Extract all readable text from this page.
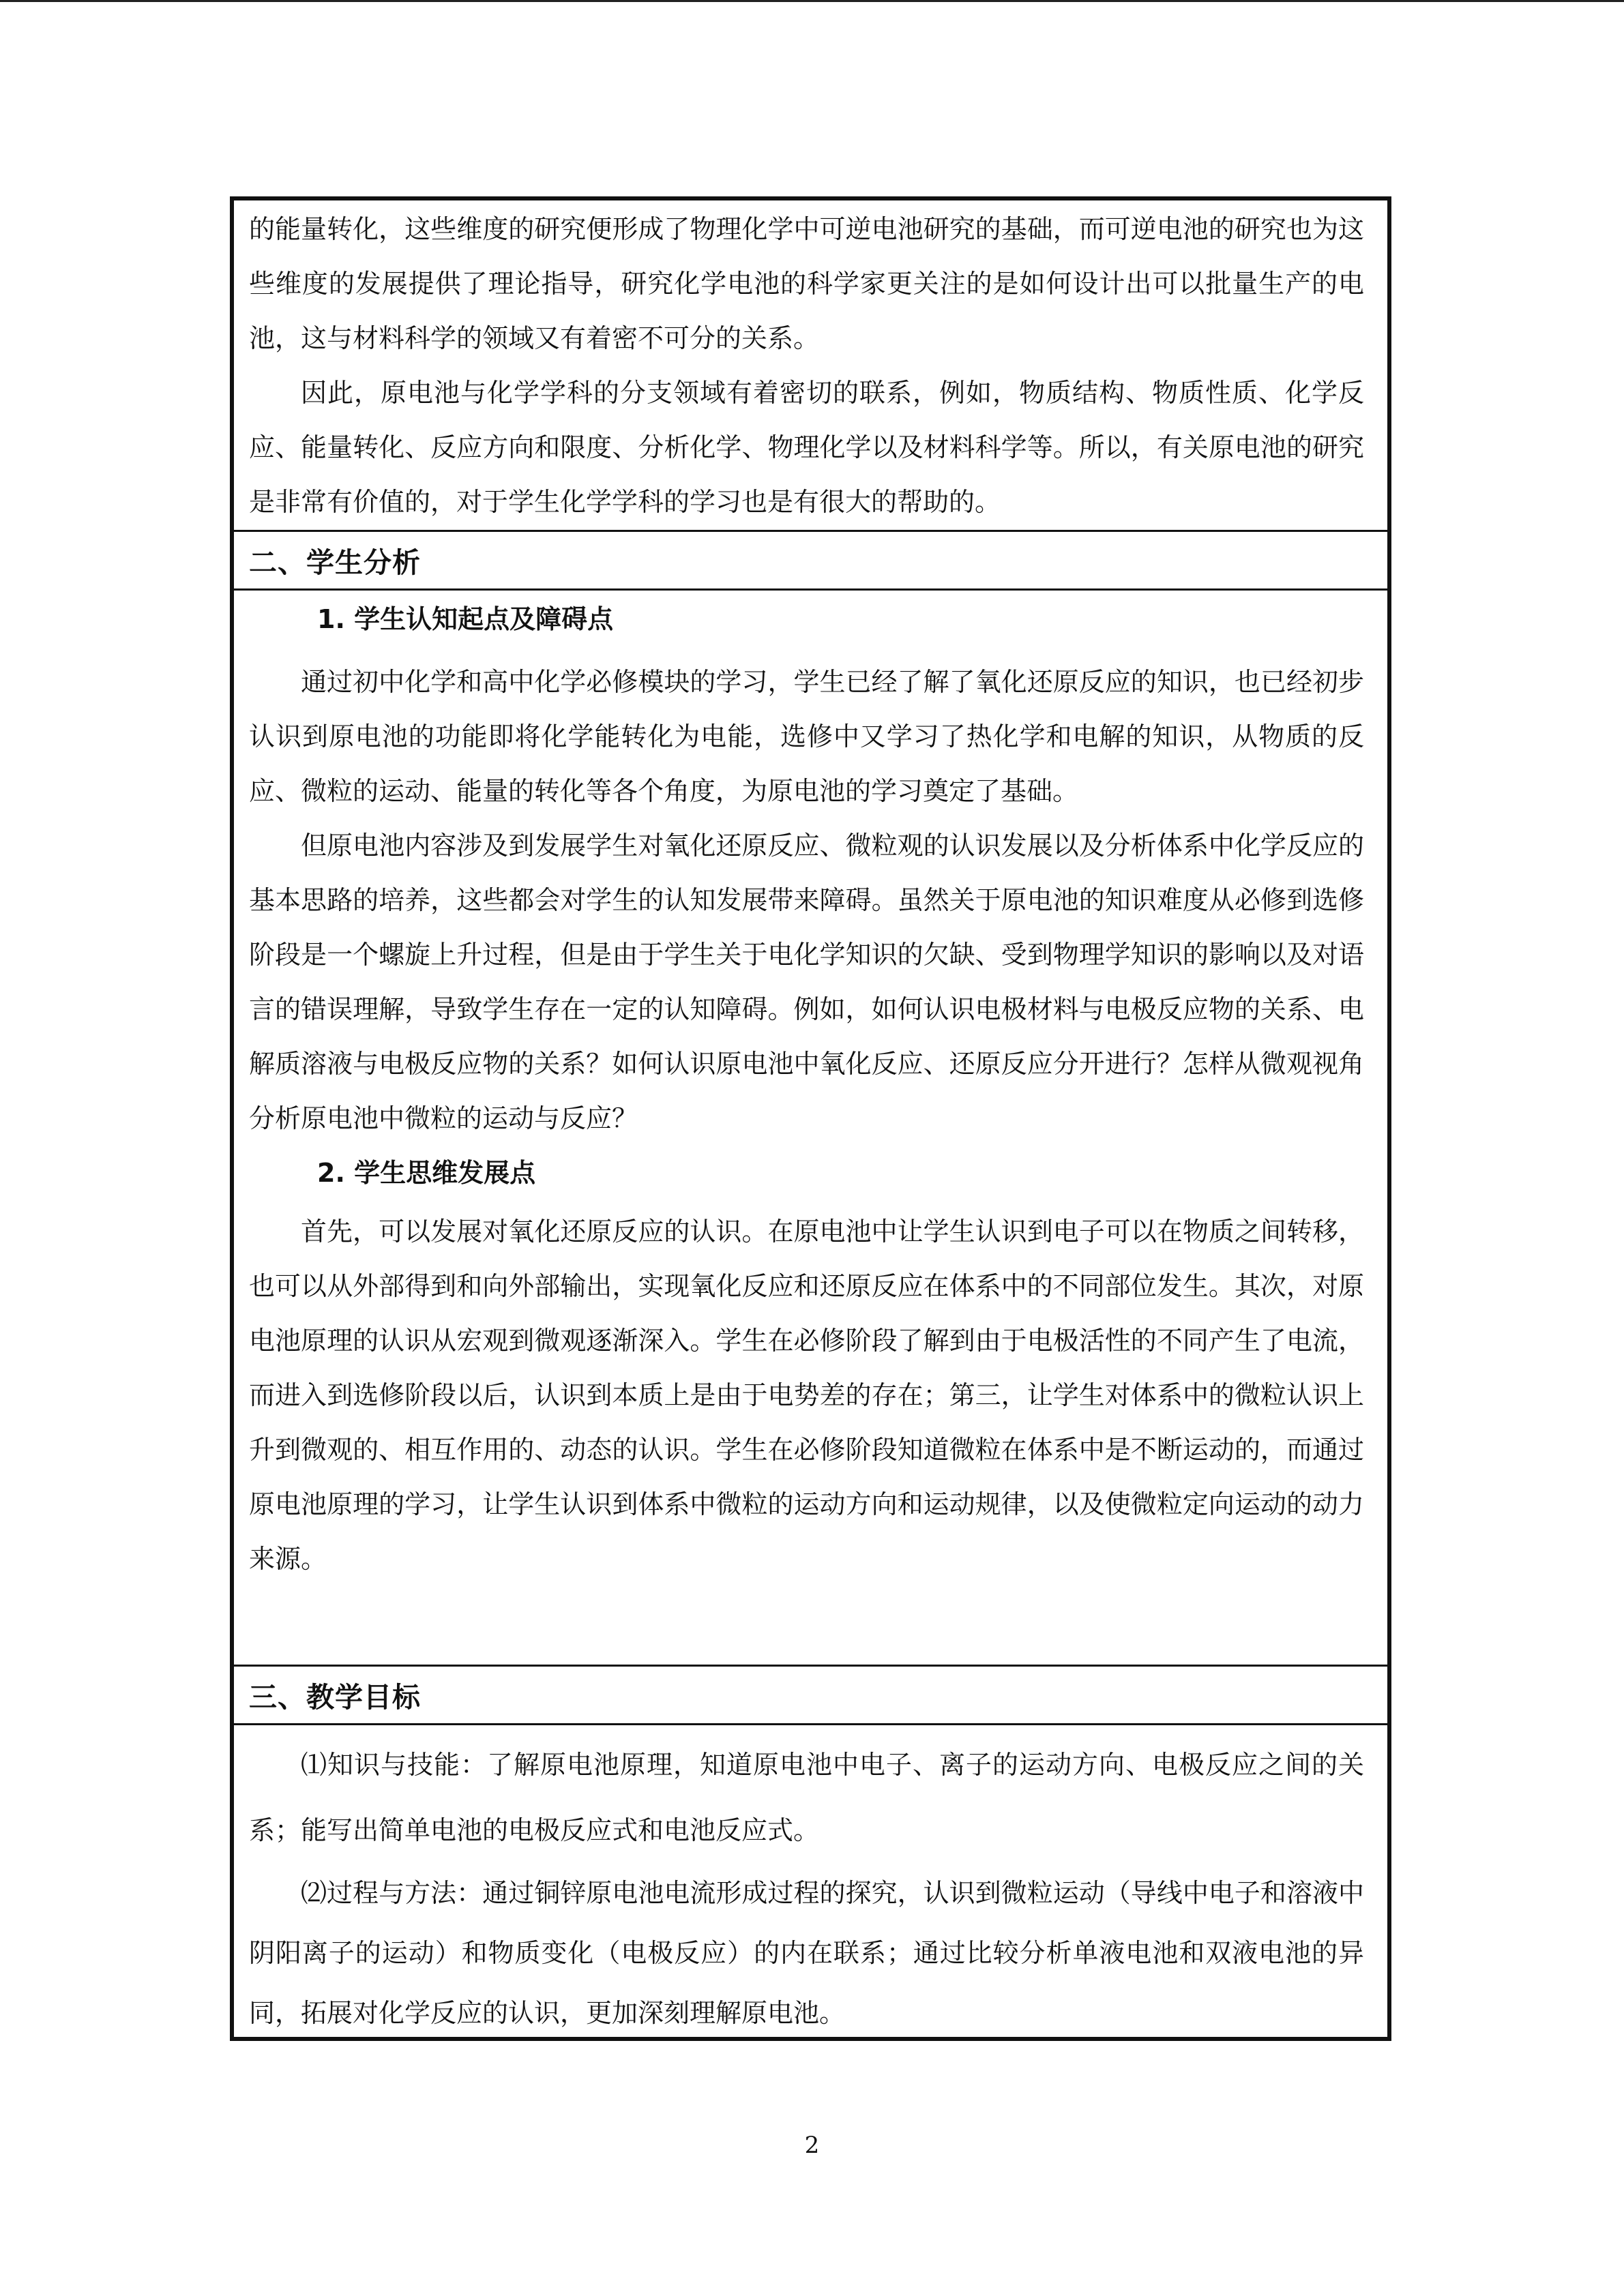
的能量转化，这些维度的研究便形成了物理化学中可逆电池研究的基础，而可逆电池的研究也为这些维度的发展提供了理论指导，研究化学电池的科学家更关注的是如何设计出可以批量生产的电池，这与材料科学的领域又有着密不可分的关系。

因此，原电池与化学学科的分支领域有着密切的联系，例如，物质结构、物质性质、化学反应、能量转化、反应方向和限度、分析化学、物理化学以及材料科学等。所以，有关原电池的研究是非常有价值的，对于学生化学学科的学习也是有很大的帮助的。

二、学生分析
1. 学生认知起点及障碍点

通过初中化学和高中化学必修模块的学习，学生已经了解了氧化还原反应的知识，也已经初步认识到原电池的功能即将化学能转化为电能，选修中又学习了热化学和电解的知识，从物质的反应、微粒的运动、能量的转化等各个角度，为原电池的学习奠定了基础。

但原电池内容涉及到发展学生对氧化还原反应、微粒观的认识发展以及分析体系中化学反应的基本思路的培养，这些都会对学生的认知发展带来障碍。虽然关于原电池的知识难度从必修到选修阶段是一个螺旋上升过程，但是由于学生关于电化学知识的欠缺、受到物理学知识的影响以及对语言的错误理解，导致学生存在一定的认知障碍。例如，如何认识电极材料与电极反应物的关系、电解质溶液与电极反应物的关系？如何认识原电池中氧化反应、还原反应分开进行？怎样从微观视角分析原电池中微粒的运动与反应？

2. 学生思维发展点

首先，可以发展对氧化还原反应的认识。在原电池中让学生认识到电子可以在物质之间转移，也可以从外部得到和向外部输出，实现氧化反应和还原反应在体系中的不同部位发生。其次，对原电池原理的认识从宏观到微观逐渐深入。学生在必修阶段了解到由于电极活性的不同产生了电流，而进入到选修阶段以后，认识到本质上是由于电势差的存在；第三，让学生对体系中的微粒认识上升到微观的、相互作用的、动态的认识。学生在必修阶段知道微粒在体系中是不断运动的，而通过原电池原理的学习，让学生认识到体系中微粒的运动方向和运动规律，以及使微粒定向运动的动力来源。

三、教学目标

⑴知识与技能：了解原电池原理，知道原电池中电子、离子的运动方向、电极反应之间的关系；能写出简单电池的电极反应式和电池反应式。

⑵过程与方法：通过铜锌原电池电流形成过程的探究，认识到微粒运动（导线中电子和溶液中阴阳离子的运动）和物质变化（电极反应）的内在联系；通过比较分析单液电池和双液电池的异同，拓展对化学反应的认识，更加深刻理解原电池。

2
